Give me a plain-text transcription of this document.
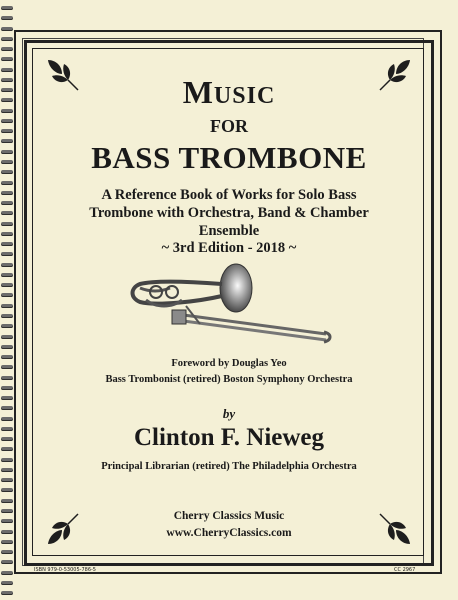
MUSIC
FOR
BASS TROMBONE
A Reference Book of Works for Solo Bass
Trombone with Orchestra, Band & Chamber
Ensemble
~ 3rd Edition - 2018 ~
Foreword by Douglas Yeo
Bass Trombonist (retired) Boston Symphony Orchestra
by
Clinton F. Nieweg
Principal Librarian (retired) The Philadelphia Orchestra
Cherry Classics Music
www.CherryClassics.com
ISBN 979-0-53005-786-5	CC 2967
